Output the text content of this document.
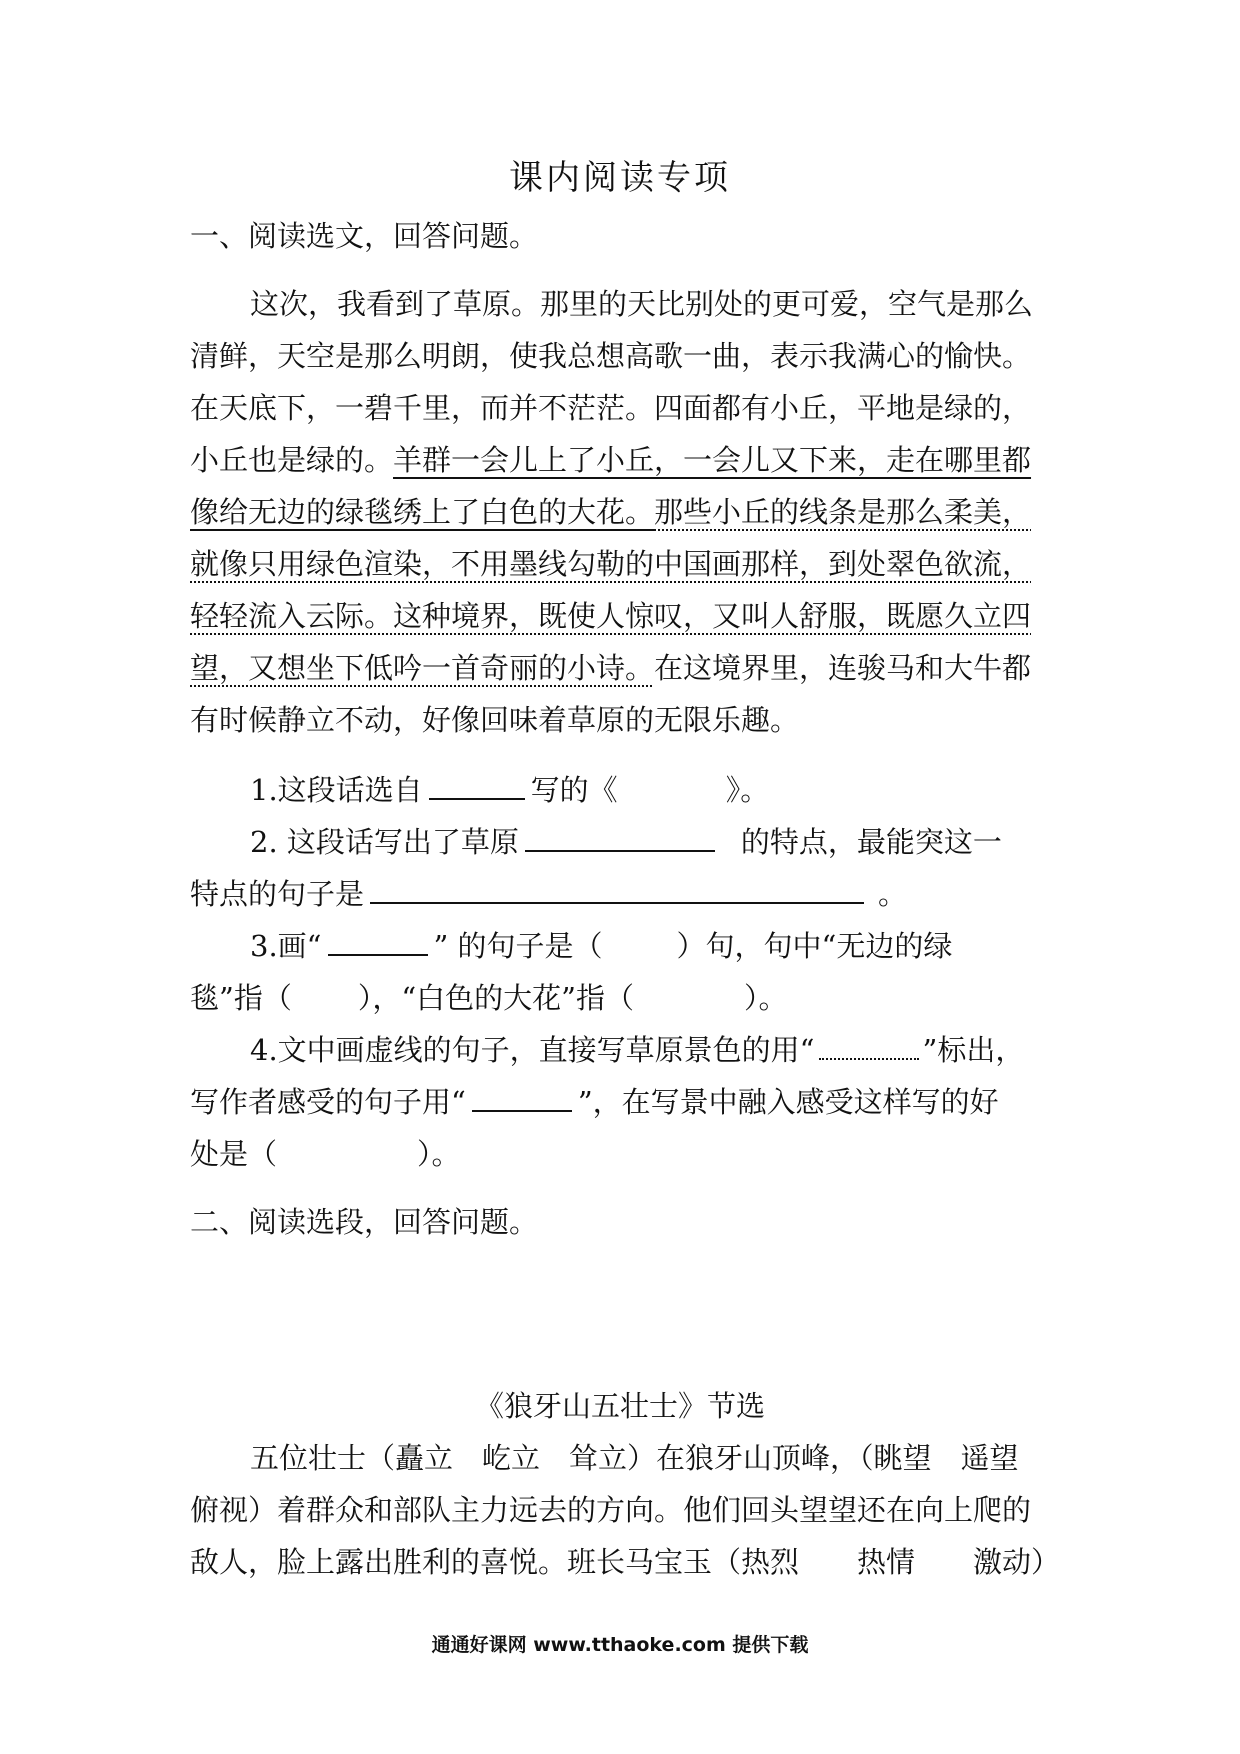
课内阅读专项
一、阅读选文，回答问题。
这次，我看到了草原。那里的天比别处的更可爱，空气是那么
清鲜，天空是那么明朗，使我总想高歌一曲，表示我满心的愉快。
在天底下，一碧千里，而并不茫茫。四面都有小丘，平地是绿的，
小丘也是绿的。羊群一会儿上了小丘，一会儿又下来，走在哪里都
像给无边的绿毯绣上了白色的大花。那些小丘的线条是那么柔美，
就像只用绿色渲染，不用墨线勾勒的中国画那样，到处翠色欲流，
轻轻流入云际。这种境界，既使人惊叹，又叫人舒服，既愿久立四
望，又想坐下低吟一首奇丽的小诗。在这境界里，连骏马和大牛都
有时候静立不动，好像回味着草原的无限乐趣。
1.这段话选自	写的《	》。
2. 这段话写出了草原	的特点，最能突这一
特点的句子是	。
3.画“	” 的句子是（	）句，句中“无边的绿
毯”指（ ），“白色的大花”指（	）。
4.文中画虚线的句子，直接写草原景色的用“	”标出，
写作者感受的句子用“	”，在写景中融入感受这样写的好
处是（	）。
二、阅读选段，回答问题。
《狼牙山五壮士》节选
五位壮士（矗立　屹立　耸立）在狼牙山顶峰，（眺望　遥望
俯视）着群众和部队主力远去的方向。他们回头望望还在向上爬的
敌人，脸上露出胜利的喜悦。班长马宝玉（热烈　　热情　　激动）
通通好课网 www.tthaoke.com 提供下载
